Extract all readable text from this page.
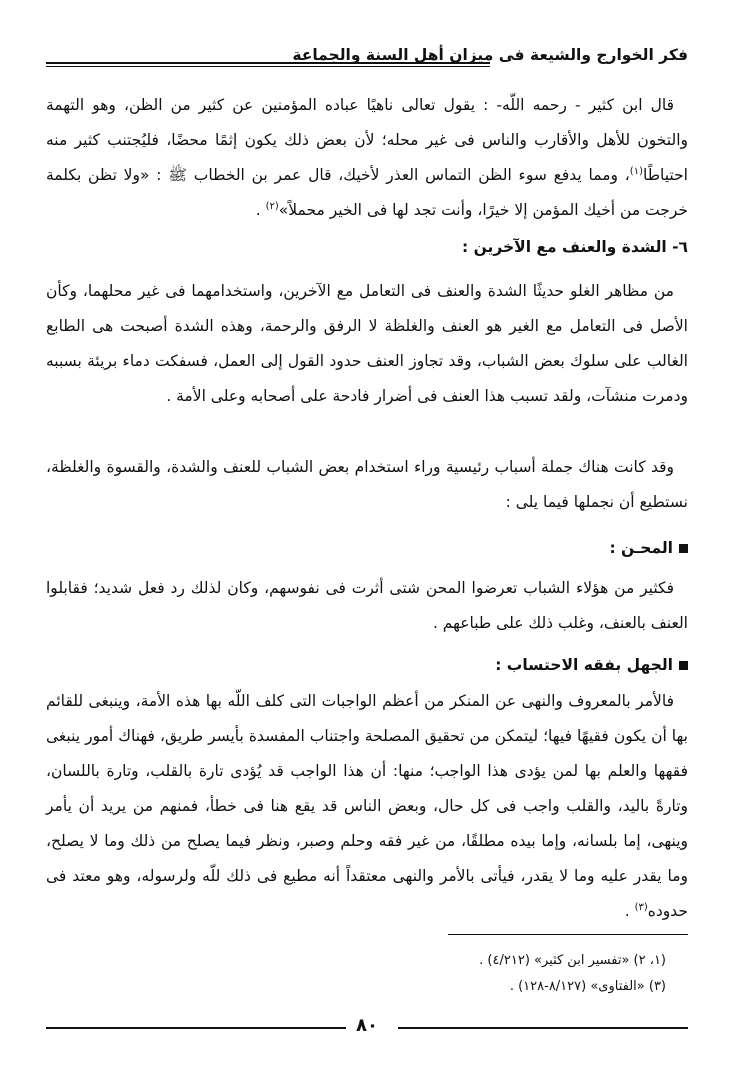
فكر الخوارج والشيعة فى ميزان أهل السنة والجماعة

قال ابن كثير - رحمه اللّه- : يقول تعالى ناهيًا عباده المؤمنين عن كثير من الظن، وهو التهمة والتخون للأهل والأقارب والناس فى غير محله؛ لأن بعض ذلك يكون إثمًا محضًا، فليُجتنب كثير منه احتياطًا$^{(١)}$، ومما يدفع سوء الظن التماس العذر لأخيك، قال عمر بن الخطاب ﷺ : «ولا تظن بكلمة خرجت من أخيك المؤمن إلا خيرًا، وأنت تجد لها فى الخير محملاً»$^{(٢)}$ .

٦- الشدة والعنف مع الآخرين :

من مظاهر الغلو حديثًا الشدة والعنف فى التعامل مع الآخرين، واستخدامهما فى غير محلهما، وكأن الأصل فى التعامل مع الغير هو العنف والغلظة لا الرفق والرحمة، وهذه الشدة أصبحت هى الطابع الغالب على سلوك بعض الشباب، وقد تجاوز العنف حدود القول إلى العمل، فسفكت دماء بريئة بسببه ودمرت منشآت، ولقد تسبب هذا العنف فى أضرار فادحة على أصحابه وعلى الأمة .

وقد كانت هناك جملة أسباب رئيسية وراء استخدام بعض الشباب للعنف والشدة، والقسوة والغلظة، نستطيع أن نجملها فيما يلى :

المحـن :

فكثير من هؤلاء الشباب تعرضوا المحن شتى أثرت فى نفوسهم، وكان لذلك رد فعل شديد؛ فقابلوا العنف بالعنف، وغلب ذلك على طباعهم .

الجهل بفقه الاحتساب :

فالأمر بالمعروف والنهى عن المنكر من أعظم الواجبات التى كلف اللّه بها هذه الأمة، وينبغى للقائم بها أن يكون فقيهًا فيها؛ ليتمكن من تحقيق المصلحة واجتناب المفسدة بأيسر طريق، فهناك أمور ينبغى فقهها والعلم بها لمن يؤدى هذا الواجب؛ منها: أن هذا الواجب قد يُؤدى تارة بالقلب، وتارة باللسان، وتارةً باليد، والقلب واجب فى كل حال، وبعض الناس قد يقع هنا فى خطأ، فمنهم من يريد أن يأمر وينهى، إما بلسانه، وإما بيده مطلقًا، من غير فقه وحلم وصبر، ونظر فيما يصلح من ذلك وما لا يصلح، وما يقدر عليه وما لا يقدر، فيأتى بالأمر والنهى معتقداً أنه مطيع فى ذلك للّه ولرسوله، وهو معتد فى حدوده$^{(٣)}$ .

(١، ٢) «تفسير ابن كثير» (٤/٢١٢) .
(٣) «الفتاوى» (٨/١٢٧-١٢٨) .
٨٠
